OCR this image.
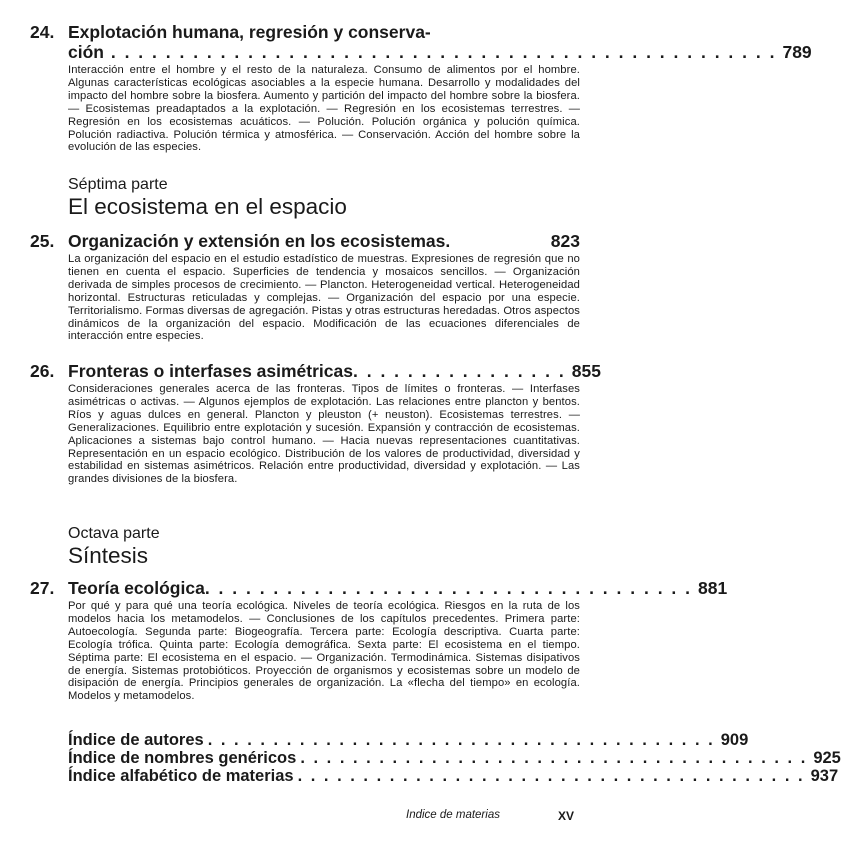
24. Explotación humana, regresión y conserva-
ción . . . . . . . . . . . . . . . . . . . . . . . . . . . . . . . . . . . . . . . . . . . . . . . . . 789
Interacción entre el hombre y el resto de la naturaleza. Consumo de alimentos por el hombre. Algunas características ecológicas asociables a la especie humana. Desarrollo y modalidades del impacto del hombre sobre la biosfera. Aumento y partición del impacto del hombre sobre la biosfera. — Ecosistemas preadaptados a la explotación. — Regresión en los ecosistemas terrestres. — Regresión en los ecosistemas acuáticos. — Polución. Polución orgánica y polución química. Polución radiactiva. Polución térmica y atmosférica. — Conservación. Acción del hombre sobre la evolución de las especies.
Séptima parte
El ecosistema en el espacio
25. Organización y extensión en los ecosistemas.	823
La organización del espacio en el estudio estadístico de muestras. Expresiones de regresión que no tienen en cuenta el espacio. Superficies de tendencia y mosaicos sencillos. — Organización derivada de simples procesos de crecimiento. — Plancton. Heterogeneidad vertical. Heterogeneidad horizontal. Estructuras reticuladas y complejas. — Organización del espacio por una especie. Territorialismo. Formas diversas de agregación. Pistas y otras estructuras heredadas. Otros aspectos dinámicos de la organización del espacio. Modificación de las ecuaciones diferenciales de interacción entre especies.
26. Fronteras o interfases asimétricas. . . . . . . . . . . . . . . . 855
Consideraciones generales acerca de las fronteras. Tipos de límites o fronteras. — Interfases asimétricas o activas. — Algunos ejemplos de explotación. Las relaciones entre plancton y bentos. Ríos y aguas dulces en general. Plancton y pleuston (+ neuston). Ecosistemas terrestres. — Generalizaciones. Equilibrio entre explotación y sucesión. Expansión y contracción de ecosistemas. Aplicaciones a sistemas bajo control humano. — Hacia nuevas representaciones cuantitativas. Representación en un espacio ecológico. Distribución de los valores de productividad, diversidad y estabilidad en sistemas asimétricos. Relación entre productividad, diversidad y explotación. — Las grandes divisiones de la biosfera.
Octava parte
Síntesis
27. Teoría ecológica. . . . . . . . . . . . . . . . . . . . . . . . . . . . . . . . . . . . 881
Por qué y para qué una teoría ecológica. Niveles de teoría ecológica. Riesgos en la ruta de los modelos hacia los metamodelos. — Conclusiones de los capítulos precedentes. Primera parte: Autoecología. Segunda parte: Biogeografía. Tercera parte: Ecología descriptiva. Cuarta parte: Ecología trófica. Quinta parte: Ecología demográfica. Sexta parte: El ecosistema en el tiempo. Séptima parte: El ecosistema en el espacio. — Organización. Termodinámica. Sistemas disipativos de energía. Sistemas protobióticos. Proyección de organismos y ecosistemas sobre un modelo de disipación de energía. Principios generales de organización. La «flecha del tiempo» en ecología. Modelos y metamodelos.
Índice de autores . . . . . . . . . . . . . . . . . . . . . . . . . . . . . . . . . . . . . . . 909
Índice de nombres genéricos . . . . . . . . . . . . . . . . . . . . . . . . . . . . . . . . . . . . . . . 925
Índice alfabético de materias . . . . . . . . . . . . . . . . . . . . . . . . . . . . . . . . . . . . . . . 937
Indice de materias	XV
